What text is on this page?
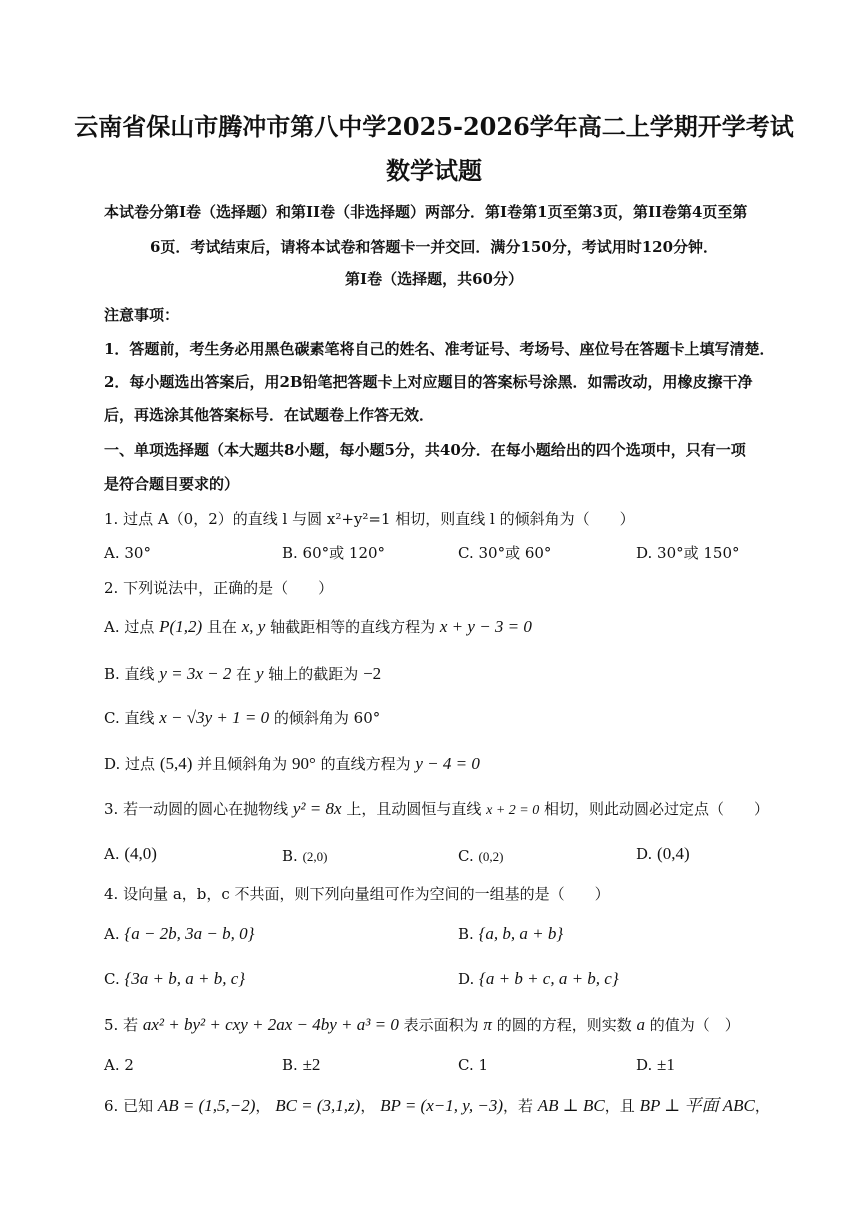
云南省保山市腾冲市第八中学2025-2026学年高二上学期开学考试
数学试题
本试卷分第I卷（选择题）和第II卷（非选择题）两部分．第I卷第1页至第3页，第II卷第4页至第
6页．考试结束后，请将本试卷和答题卡一并交回．满分150分，考试用时120分钟．
第I卷（选择题，共60分）
注意事项：
1．答题前，考生务必用黑色碳素笔将自己的姓名、准考证号、考场号、座位号在答题卡上填写清楚．
2．每小题选出答案后，用2B铅笔把答题卡上对应题目的答案标号涂黑．如需改动，用橡皮擦干净
后，再选涂其他答案标号．在试题卷上作答无效．
一、单项选择题（本大题共8小题，每小题5分，共40分．在每小题给出的四个选项中，只有一项
是符合题目要求的）
1. 过点 A（0，2）的直线 l 与圆 x²+y²=1 相切，则直线 l 的倾斜角为（　　）
A. 30°	B. 60°或 120°	C. 30°或 60°	D. 30°或 150°
2. 下列说法中，正确的是（　　）
A. 过点 P(1,2) 且在 x, y 轴截距相等的直线方程为 x + y − 3 = 0
B. 直线 y = 3x − 2 在 y 轴上的截距为 −2
C. 直线 x − √3y + 1 = 0 的倾斜角为 60°
D. 过点 (5,4) 并且倾斜角为 90° 的直线方程为 y − 4 = 0
3. 若一动圆的圆心在抛物线 y² = 8x 上，且动圆恒与直线 x + 2 = 0 相切，则此动圆必过定点（　　）
A. (4,0)	B. (2,0)	C. (0,2)	D. (0,4)
4. 设向量 a，b，c 不共面，则下列向量组可作为空间的一组基的是（　　）
A. {a − 2b, 3a − b, 0}	B. {a, b, a + b}
C. {3a + b, a + b, c}	D. {a + b + c, a + b, c}
5. 若 ax² + by² + cxy + 2ax − 4by + a³ = 0 表示面积为 π 的圆的方程，则实数 a 的值为（　）
A. 2	B. ±2	C. 1	D. ±1
6. 已知 AB = (1,5,−2)， BC = (3,1,z)， BP = (x−1, y, −3)，若 AB ⊥ BC，且 BP ⊥ 平面 ABC，
